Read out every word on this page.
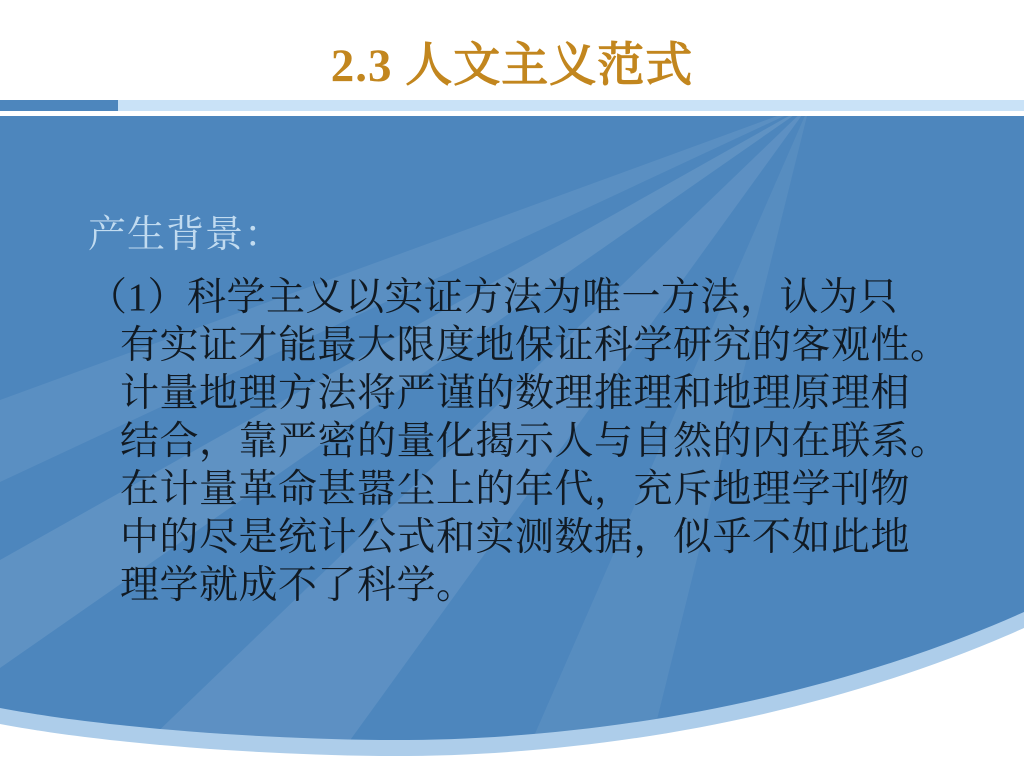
2.3 人文主义范式
产生背景：
（1）科学主义以实证方法为唯一方法，认为只
有实证才能最大限度地保证科学研究的客观性。
计量地理方法将严谨的数理推理和地理原理相
结合，靠严密的量化揭示人与自然的内在联系。
在计量革命甚嚣尘上的年代，充斥地理学刊物
中的尽是统计公式和实测数据，似乎不如此地
理学就成不了科学。
